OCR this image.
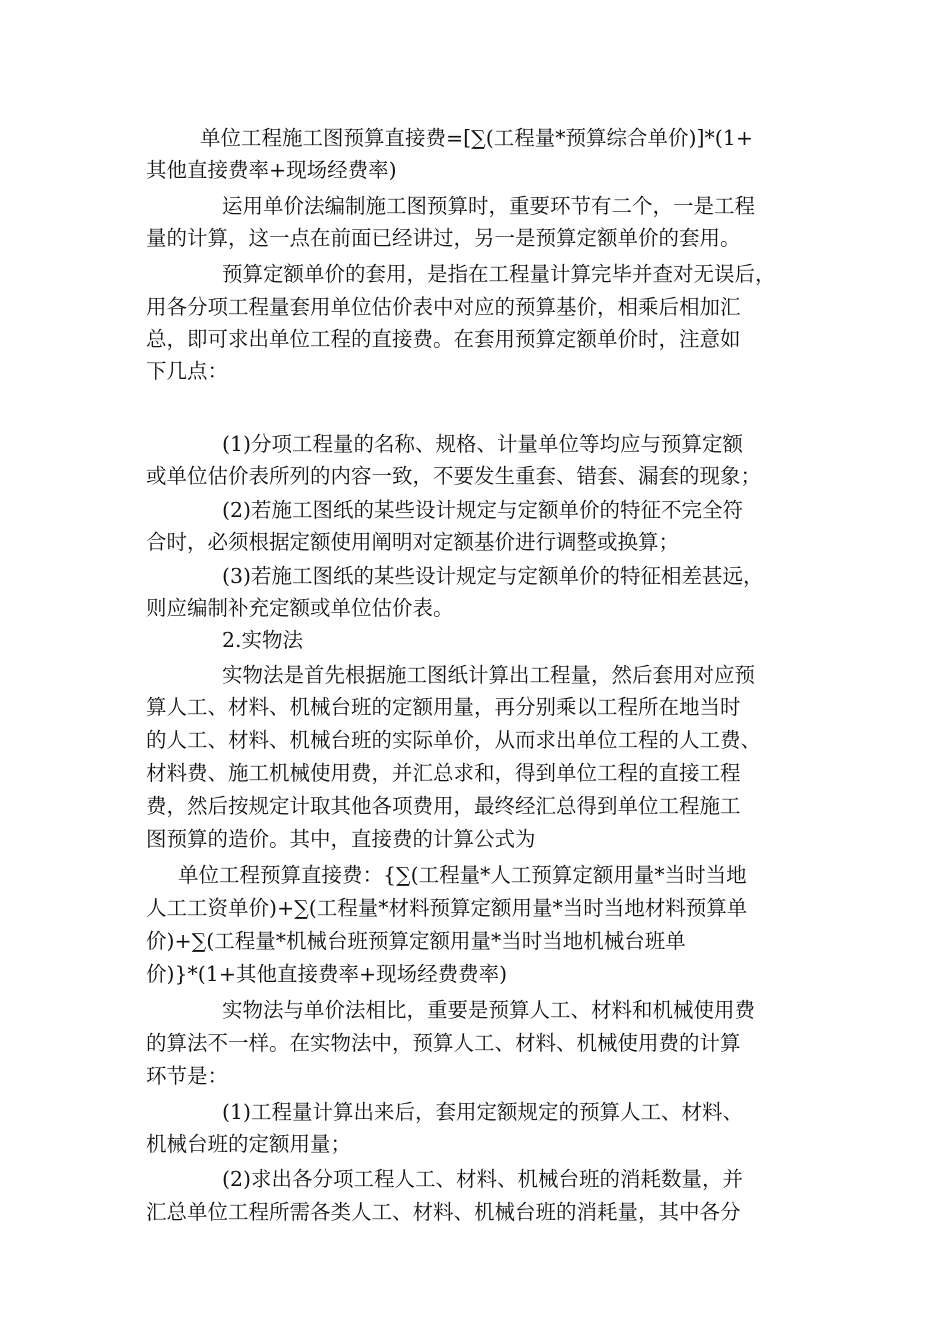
单位工程施工图预算直接费=[∑(工程量*预算综合单价)]*(1+
其他直接费率+现场经费率)
运用单价法编制施工图预算时，重要环节有二个，一是工程
量的计算，这一点在前面已经讲过，另一是预算定额单价的套用。
预算定额单价的套用，是指在工程量计算完毕并查对无误后，
用各分项工程量套用单位估价表中对应的预算基价，相乘后相加汇
总，即可求出单位工程的直接费。在套用预算定额单价时，注意如
下几点：
(1)分项工程量的名称、规格、计量单位等均应与预算定额
或单位估价表所列的内容一致，不要发生重套、错套、漏套的现象；
(2)若施工图纸的某些设计规定与定额单价的特征不完全符
合时，必须根据定额使用阐明对定额基价进行调整或换算；
(3)若施工图纸的某些设计规定与定额单价的特征相差甚远，
则应编制补充定额或单位估价表。
2.实物法
实物法是首先根据施工图纸计算出工程量，然后套用对应预
算人工、材料、机械台班的定额用量，再分别乘以工程所在地当时
的人工、材料、机械台班的实际单价，从而求出单位工程的人工费、
材料费、施工机械使用费，并汇总求和，得到单位工程的直接工程
费，然后按规定计取其他各项费用，最终经汇总得到单位工程施工
图预算的造价。其中，直接费的计算公式为
单位工程预算直接费：{∑(工程量*人工预算定额用量*当时当地
人工工资单价)+∑(工程量*材料预算定额用量*当时当地材料预算单
价)+∑(工程量*机械台班预算定额用量*当时当地机械台班单
价)}*(1+其他直接费率+现场经费费率)
实物法与单价法相比，重要是预算人工、材料和机械使用费
的算法不一样。在实物法中，预算人工、材料、机械使用费的计算
环节是：
(1)工程量计算出来后，套用定额规定的预算人工、材料、
机械台班的定额用量；
(2)求出各分项工程人工、材料、机械台班的消耗数量，并
汇总单位工程所需各类人工、材料、机械台班的消耗量，其中各分
